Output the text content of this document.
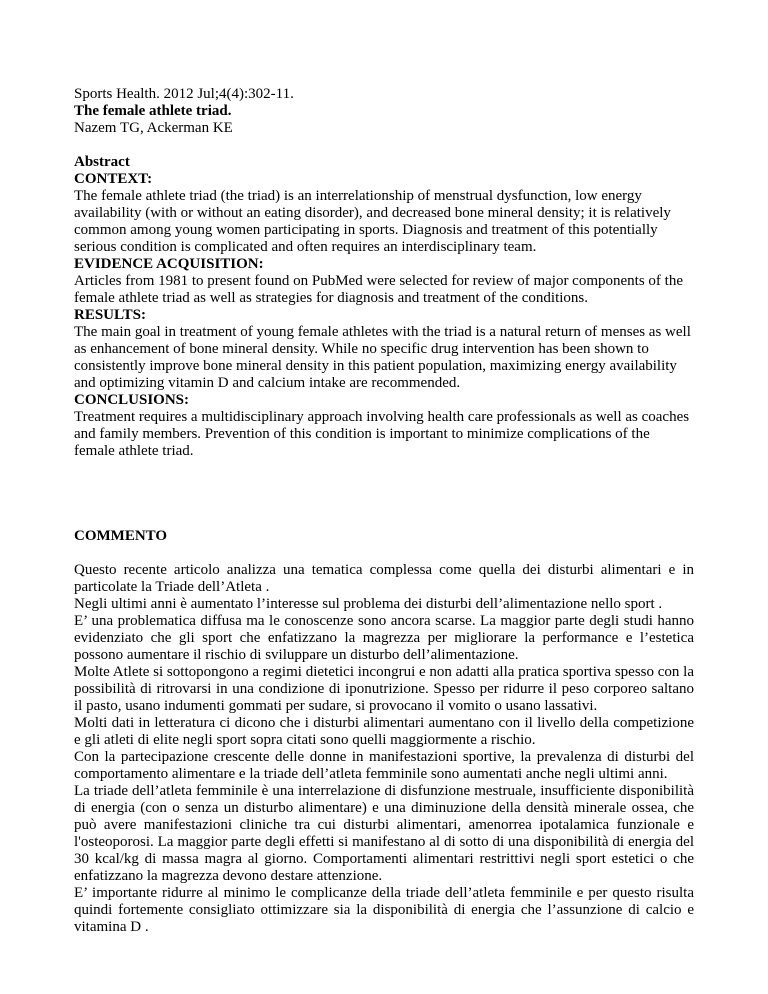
Sports Health. 2012 Jul;4(4):302-11.

The female athlete triad.

Nazem TG, Ackerman KE

Abstract

CONTEXT:

The female athlete triad (the triad) is an interrelationship of menstrual dysfunction, low energy availability (with or without an eating disorder), and decreased bone mineral density; it is relatively common among young women participating in sports. Diagnosis and treatment of this potentially serious condition is complicated and often requires an interdisciplinary team.

EVIDENCE ACQUISITION:

Articles from 1981 to present found on PubMed were selected for review of major components of the female athlete triad as well as strategies for diagnosis and treatment of the conditions.

RESULTS:

The main goal in treatment of young female athletes with the triad is a natural return of menses as well as enhancement of bone mineral density. While no specific drug intervention has been shown to consistently improve bone mineral density in this patient population, maximizing energy availability and optimizing vitamin D and calcium intake are recommended.

CONCLUSIONS:

Treatment requires a multidisciplinary approach involving health care professionals as well as coaches and family members. Prevention of this condition is important to minimize complications of the female athlete triad.

COMMENTO

Questo recente articolo analizza una tematica complessa come quella dei disturbi alimentari e in particolate la Triade dell’Atleta .

Negli ultimi anni è aumentato l’interesse sul problema dei disturbi dell’alimentazione nello sport .

E’ una problematica diffusa ma le conoscenze sono ancora scarse. La maggior parte degli studi hanno evidenziato che gli sport che enfatizzano la magrezza per migliorare la performance e l’estetica possono aumentare il rischio di sviluppare un disturbo dell’alimentazione.

Molte Atlete si sottopongono a regimi dietetici incongrui e non adatti alla pratica sportiva spesso con la possibilità di ritrovarsi in una condizione di iponutrizione. Spesso per ridurre il peso corporeo saltano il pasto, usano indumenti gommati per sudare, si provocano il vomito o usano lassativi.

Molti dati in letteratura ci dicono che i disturbi alimentari aumentano con il livello della competizione e gli atleti di elite negli sport sopra citati sono quelli maggiormente a rischio.

Con la partecipazione crescente delle donne in manifestazioni sportive, la prevalenza di disturbi del comportamento alimentare e la triade dell’atleta femminile sono aumentati anche negli ultimi anni.

La triade dell’atleta femminile è una interrelazione di disfunzione mestruale, insufficiente disponibilità di energia (con o senza un disturbo alimentare) e una diminuzione della densità minerale ossea, che può avere manifestazioni cliniche tra cui disturbi alimentari, amenorrea ipotalamica funzionale e l'osteoporosi. La maggior parte degli effetti si manifestano al di sotto di una disponibilità di energia del 30 kcal/kg di massa magra al giorno. Comportamenti alimentari restrittivi negli sport estetici o che enfatizzano la magrezza devono destare attenzione.

E’ importante ridurre al minimo le complicanze della triade dell’atleta femminile e per questo risulta quindi fortemente consigliato ottimizzare sia la disponibilità di energia che l’assunzione di calcio e vitamina D .
